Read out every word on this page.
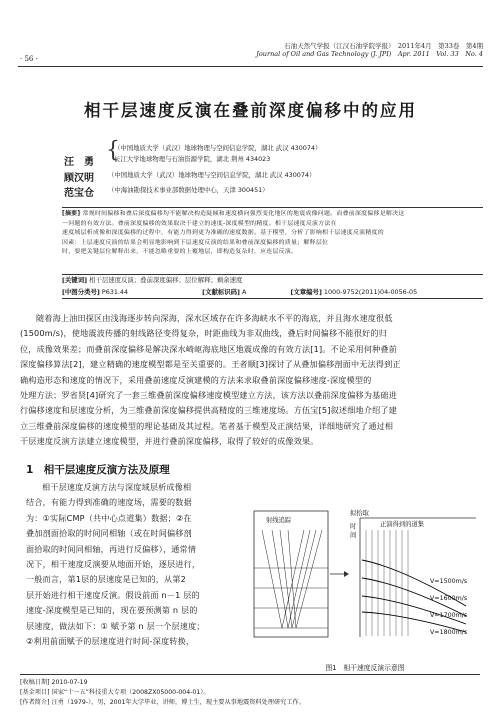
· 56 ·
石油天然气学报（江汉石油学院学报）　2011年4月　第33卷　第4期
Journal of Oil and Gas Technology (J. JPI)　Apr. 2011　Vol. 33　No. 4
相干层速度反演在叠前深度偏移中的应用
汪　勇 {
（中国地质大学（武汉）地球物理与空间信息学院，湖北 武汉 430074）
长江大学地球物理与石油资源学院，湖北 荆州 434023
顾汉明 （中国地质大学（武汉）地球物理与空间信息学院，湖北 武汉 430074）
范宝仓 （中海油勘探技术事业部数据处理中心，天津 300451）

[摘要] 常规时间偏移和叠后深度偏移均不能解决构造陡倾和速度横向强烈变化地区的地震成像问题。而叠前深度偏移是解决这
一问题的有效方法。叠前深度偏移的效果取决于建立的速度-深度模型的精度。相干层速度反演方法在
速度域层析成像和深度偏移的过程中，有能力得到更为准确的速度数据。基于模型，分析了影响相干层速度反演精度的
因素：上层速度反演的结果会明显地影响到下层速度反演的结果和叠前深度偏移的质量；解释层位
时，要把关键层位解释出来，不能忽略重要的上覆地层，即构造复杂时，应连层反演。

[关键词] 相干层速度反演；叠前深度偏移；层位解释；剩余速度
[中图分类号] P631.44	[文献标识码] A	[文章编号] 1000-9752(2011)04-0056-05
随着海上油田探区由浅海逐步转向深海，深水区域存在许多海峡水不平的海底，并且海水速度很低
(1500m/s)，使地震波传播的射线路径变得复杂，时距曲线为非双曲线，叠后时间偏移不能很好的归
位，成像效果差；而叠前深度偏移是解决深水崎岖海底地区地震成像的有效方法[1]。不论采用何种叠前
深度偏移算法[2]，建立精确的速度模型都是至关重要的。王者顺[3]探讨了从叠加偏移剖面中无法得到正
确构造形态和速度的情况下，采用叠前速度反演建模的方法来求取叠前深度偏移速度-深度模型的
处理方法；罗省贤[4]研究了一套三维叠前深度偏移速度模型建立方法，该方法以叠前深度偏移为基础进
行偏移速度和层速度分析，为三维叠前深度偏移提供高精度的三维速度场。方伍宝[5]叙述细地介绍了建
立三维叠前深度偏移的速度模型的理论基础及其过程。笔者基于模型及正演结果，详细地研究了通过相
干层速度反演方法建立速度模型，并进行叠前深度偏移，取得了较好的成像效果。
1　相干层速度反演方法及原理
相干层速度反演方法与深度域层析成像相
结合，有能力得到准确的速度场，需要的数据
为：①实际CMP（共中心点道集）数据；②在
叠加剖面拾取的时间同相轴（或在时间偏移剖
面拾取的时间同相轴，再进行反偏移），通常情
况下，相干速度反演要从地面开始，逐层进行，
一般而言，第1层的层速度是已知的，从第2
层开始进行相干速度反演。假设前面 n－1 层的
速度-深度模型是已知的，现在要预测第 n 层的
层速度，做法如下：① 赋予第 n 层一个层速度；
②利用前面赋予的层速度进行时间-深度转换，
射线追踪
拟拾取
时
间
正演得到的道集
V=1500m/s
V=1600m/s
V=1700m/s
V=1800m/s
图1　相干速度反演示意图
[收稿日期] 2010-07-19
[基金项目] 国家“十一五”科技重大专项（2008ZX05000-004-01）。
[作者简介] 汪勇（1979-），男，2001年大学毕业，讲师，博士生，现主要从事地震资料处理研究工作。
